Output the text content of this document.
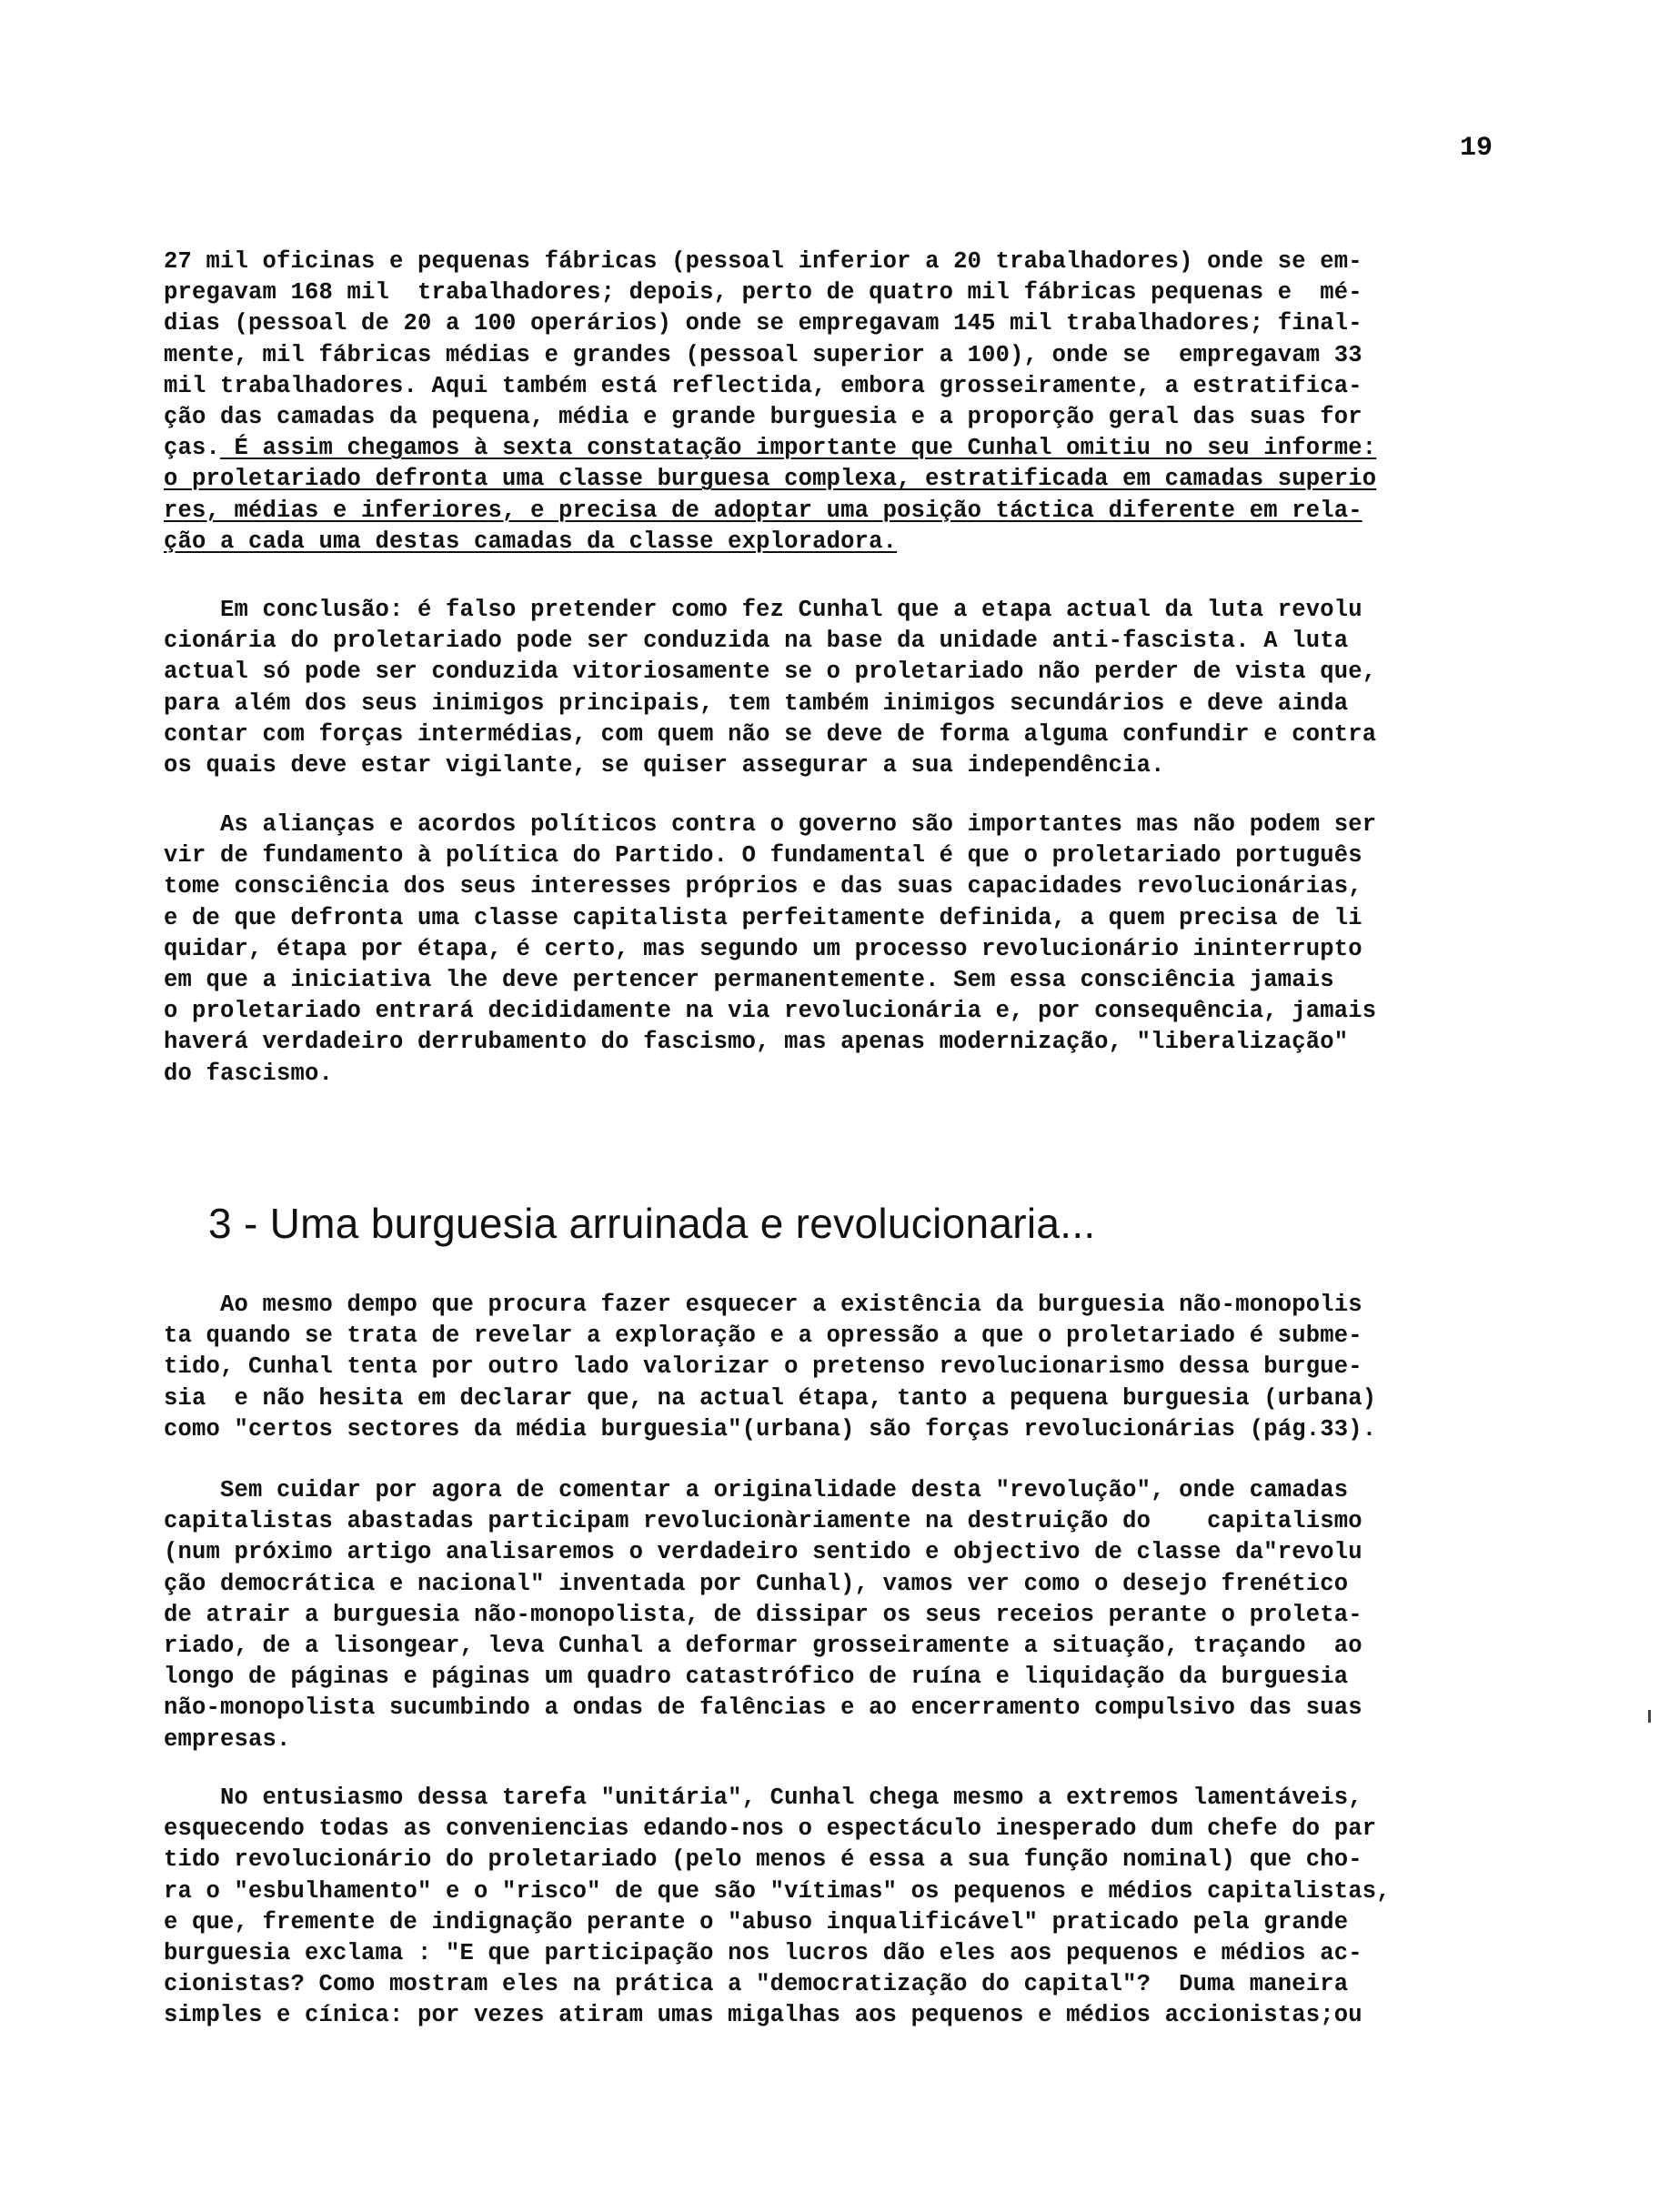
19

27 mil oficinas e pequenas fábricas (pessoal inferior a 20 trabalhadores) onde se em-
pregavam 168 mil  trabalhadores; depois, perto de quatro mil fábricas pequenas e  mé-
dias (pessoal de 20 a 100 operários) onde se empregavam 145 mil trabalhadores; final-
mente, mil fábricas médias e grandes (pessoal superior a 100), onde se  empregavam 33
mil trabalhadores. Aqui também está reflectida, embora grosseiramente, a estratifica-
ção das camadas da pequena, média e grande burguesia e a proporção geral das suas for
ças. É assim chegamos à sexta constatação importante que Cunhal omitiu no seu informe:
o proletariado defronta uma classe burguesa complexa, estratificada em camadas superio
res, médias e inferiores, e precisa de adoptar uma posição táctica diferente em rela-
ção a cada uma destas camadas da classe exploradora.

Em conclusão: é falso pretender como fez Cunhal que a etapa actual da luta revolu
cionária do proletariado pode ser conduzida na base da unidade anti-fascista. A luta
actual só pode ser conduzida vitoriosamente se o proletariado não perder de vista que,
para além dos seus inimigos principais, tem também inimigos secundários e deve ainda
contar com forças intermédias, com quem não se deve de forma alguma confundir e contra
os quais deve estar vigilante, se quiser assegurar a sua independência.

As alianças e acordos políticos contra o governo são importantes mas não podem ser
vir de fundamento à política do Partido. O fundamental é que o proletariado português
tome consciência dos seus interesses próprios e das suas capacidades revolucionárias,
e de que defronta uma classe capitalista perfeitamente definida, a quem precisa de li
quidar, étapa por étapa, é certo, mas segundo um processo revolucionário ininterrupto
em que a iniciativa lhe deve pertencer permanentemente. Sem essa consciência jamais
o proletariado entrará decididamente na via revolucionária e, por consequência, jamais
haverá verdadeiro derrubamento do fascismo, mas apenas modernização, "liberalização"
do fascismo.

3 - Uma burguesia arruinada e revolucionaria...

Ao mesmo dempo que procura fazer esquecer a existência da burguesia não-monopolis
ta quando se trata de revelar a exploração e a opressão a que o proletariado é subme-
tido, Cunhal tenta por outro lado valorizar o pretenso revolucionarismo dessa burgue-
sia  e não hesita em declarar que, na actual étapa, tanto a pequena burguesia (urbana)
como "certos sectores da média burguesia"(urbana) são forças revolucionárias (pág.33).

Sem cuidar por agora de comentar a originalidade desta "revolução", onde camadas
capitalistas abastadas participam revolucionàriamente na destruição do    capitalismo
(num próximo artigo analisaremos o verdadeiro sentido e objectivo de classe da"revolu
ção democrática e nacional" inventada por Cunhal), vamos ver como o desejo frenético
de atrair a burguesia não-monopolista, de dissipar os seus receios perante o proleta-
riado, de a lisongear, leva Cunhal a deformar grosseiramente a situação, traçando  ao
longo de páginas e páginas um quadro catastrófico de ruína e liquidação da burguesia
não-monopolista sucumbindo a ondas de falências e ao encerramento compulsivo das suas
empresas.

No entusiasmo dessa tarefa "unitária", Cunhal chega mesmo a extremos lamentáveis,
esquecendo todas as conveniencias edando-nos o espectáculo inesperado dum chefe do par
tido revolucionário do proletariado (pelo menos é essa a sua função nominal) que cho-
ra o "esbulhamento" e o "risco" de que são "vítimas" os pequenos e médios capitalistas,
e que, fremente de indignação perante o "abuso inqualificável" praticado pela grande
burguesia exclama : "E que participação nos lucros dão eles aos pequenos e médios ac-
cionistas? Como mostram eles na prática a "democratização do capital"?  Duma maneira
simples e cínica: por vezes atiram umas migalhas aos pequenos e médios accionistas;ou
